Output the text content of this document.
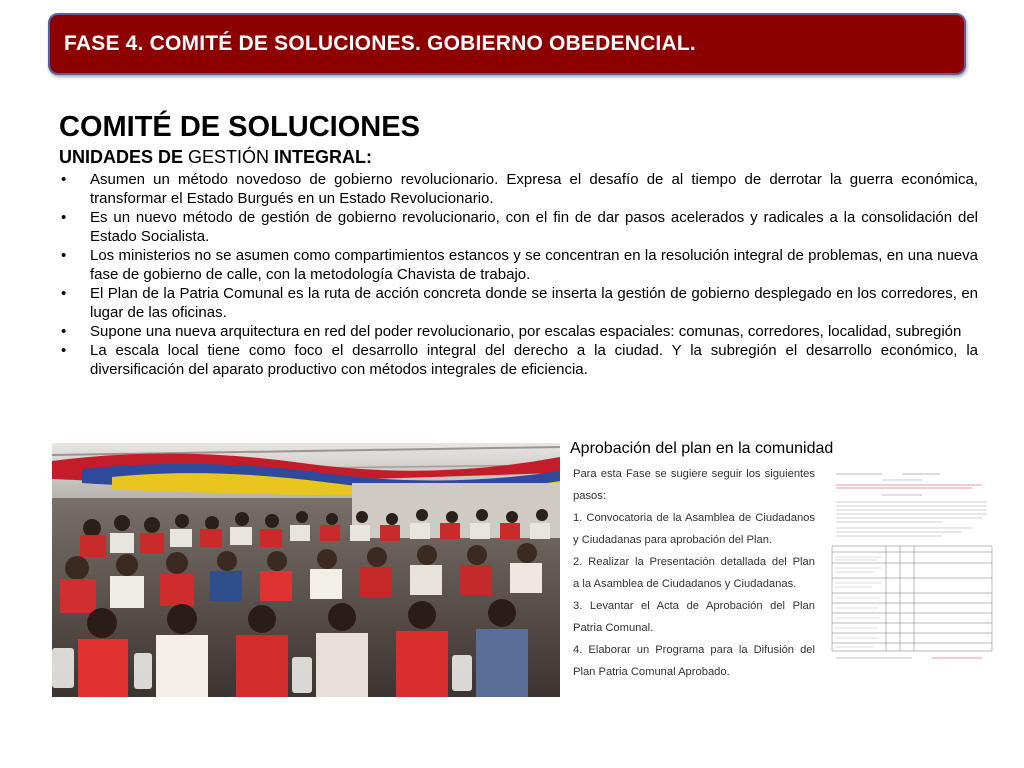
FASE 4. COMITÉ DE SOLUCIONES. GOBIERNO OBEDENCIAL.
COMITÉ DE SOLUCIONES
UNIDADES DE GESTIÓN INTEGRAL:
• Asumen un método novedoso de gobierno revolucionario. Expresa el desafío de al tiempo de derrotar la guerra económica, transformar el Estado Burgués en un Estado Revolucionario.
• Es un nuevo método de gestión de gobierno revolucionario, con el fin de dar pasos acelerados y radicales a la consolidación del Estado Socialista.
• Los ministerios no se asumen como compartimientos estancos y se concentran en la resolución integral de problemas, en una nueva fase de gobierno de calle, con la metodología Chavista de trabajo.
• El Plan de la Patria Comunal es la ruta de acción concreta donde se inserta la gestión de gobierno desplegado en los corredores, en lugar de las oficinas.
• Supone una nueva arquitectura en red del poder revolucionario, por escalas espaciales: comunas, corredores, localidad, subregión
• La escala local tiene como foco el desarrollo integral del derecho a la ciudad. Y la subregión el desarrollo económico, la diversificación del aparato productivo con métodos integrales de eficiencia.
Aprobación del plan en la comunidad
Para esta Fase se sugiere seguir los siguientes
pasos:
1. Convocatoria de la Asamblea de Ciudadanos
y Ciudadanas para aprobación del Plan.
2. Realizar la Presentación detallada del Plan
a la Asamblea de Ciudadanos y Ciudadanas.
3. Levantar el Acta de Aprobación del Plan
Patria Comunal.
4. Elaborar un Programa para la Difusión del
Plan Patria Comunal Aprobado.
